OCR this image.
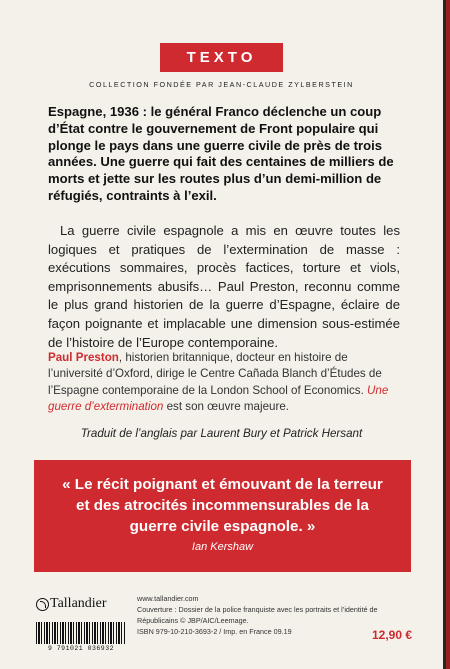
TEXTO
COLLECTION FONDÉE PAR JEAN-CLAUDE ZYLBERSTEIN

Espagne, 1936 : le général Franco déclenche un coup d’État contre le gouvernement de Front populaire qui plonge le pays dans une guerre civile de près de trois années. Une guerre qui fait des centaines de milliers de morts et jette sur les routes plus d’un demi-million de réfugiés, contraints à l’exil.

La guerre civile espagnole a mis en œuvre toutes les logiques et pratiques de l’extermination de masse : exécutions sommaires, procès factices, torture et viols, emprisonnements abusifs… Paul Preston, reconnu comme le plus grand historien de la guerre d’Espagne, éclaire de façon poignante et implacable une dimension sous-estimée de l’histoire de l’Europe contemporaine.

Paul Preston, historien britannique, docteur en histoire de l’université d’Oxford, dirige le Centre Cañada Blanch d’Études de l’Espagne contemporaine de la London School of Economics. Une guerre d’extermination est son œuvre majeure.

Traduit de l’anglais par Laurent Bury et Patrick Hersant
« Le récit poignant et émouvant de la terreur et des atrocités incommensurables de la guerre civile espagnole. »
Ian Kershaw
Tallandier
9 791021 036932
www.tallandier.com
Couverture : Dossier de la police franquiste avec les portraits et l’identité de Républicains © JBP/AIC/Leemage.
ISBN 979-10-210-3693-2 / Imp. en France 09.19	12,90 €
